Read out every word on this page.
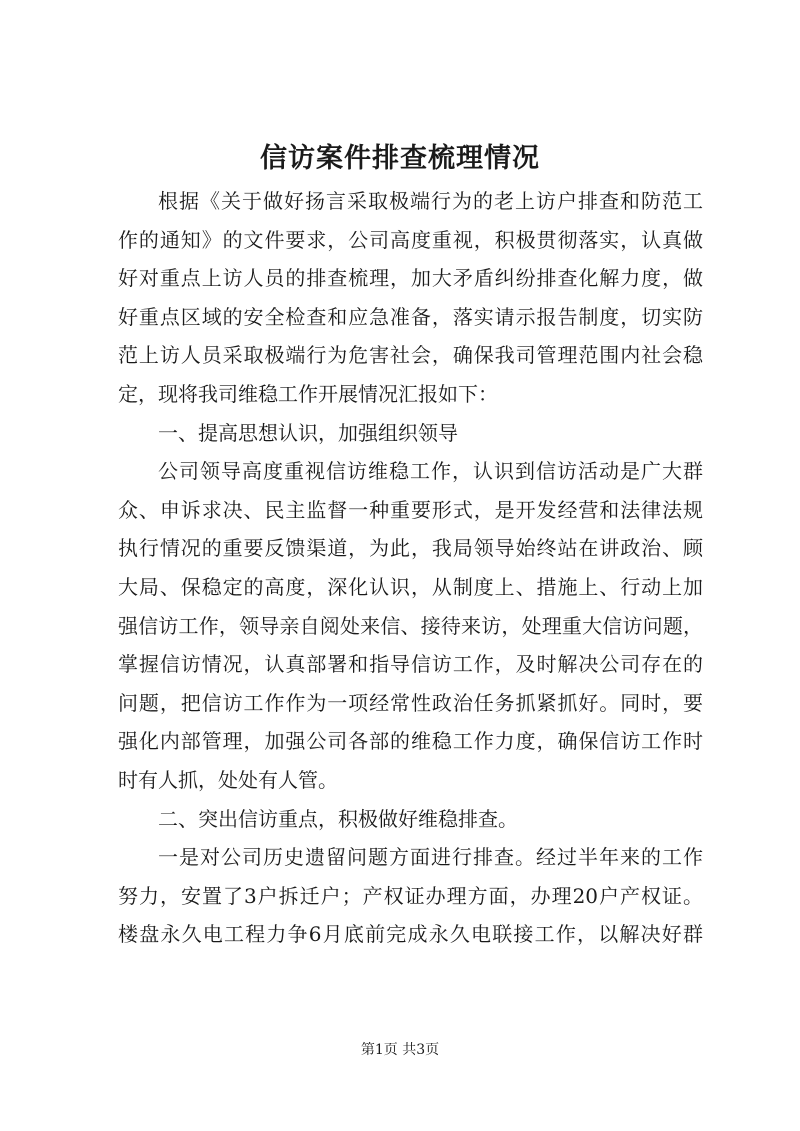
信访案件排查梳理情况
根据《关于做好扬言采取极端行为的老上访户排查和防范工
作的通知》的文件要求，公司高度重视，积极贯彻落实，认真做
好对重点上访人员的排查梳理，加大矛盾纠纷排查化解力度，做
好重点区域的安全检查和应急准备，落实请示报告制度，切实防
范上访人员采取极端行为危害社会，确保我司管理范围内社会稳
定，现将我司维稳工作开展情况汇报如下：
一、提高思想认识，加强组织领导
公司领导高度重视信访维稳工作，认识到信访活动是广大群
众、申诉求决、民主监督一种重要形式，是开发经营和法律法规
执行情况的重要反馈渠道，为此，我局领导始终站在讲政治、顾
大局、保稳定的高度，深化认识，从制度上、措施上、行动上加
强信访工作，领导亲自阅处来信、接待来访，处理重大信访问题，
掌握信访情况，认真部署和指导信访工作，及时解决公司存在的
问题，把信访工作作为一项经常性政治任务抓紧抓好。同时，要
强化内部管理，加强公司各部的维稳工作力度，确保信访工作时
时有人抓，处处有人管。
二、突出信访重点，积极做好维稳排查。
一是对公司历史遗留问题方面进行排查。经过半年来的工作
努力，安置了3户拆迁户；产权证办理方面，办理20户产权证。
楼盘永久电工程力争6月底前完成永久电联接工作，以解决好群
第1页 共3页
